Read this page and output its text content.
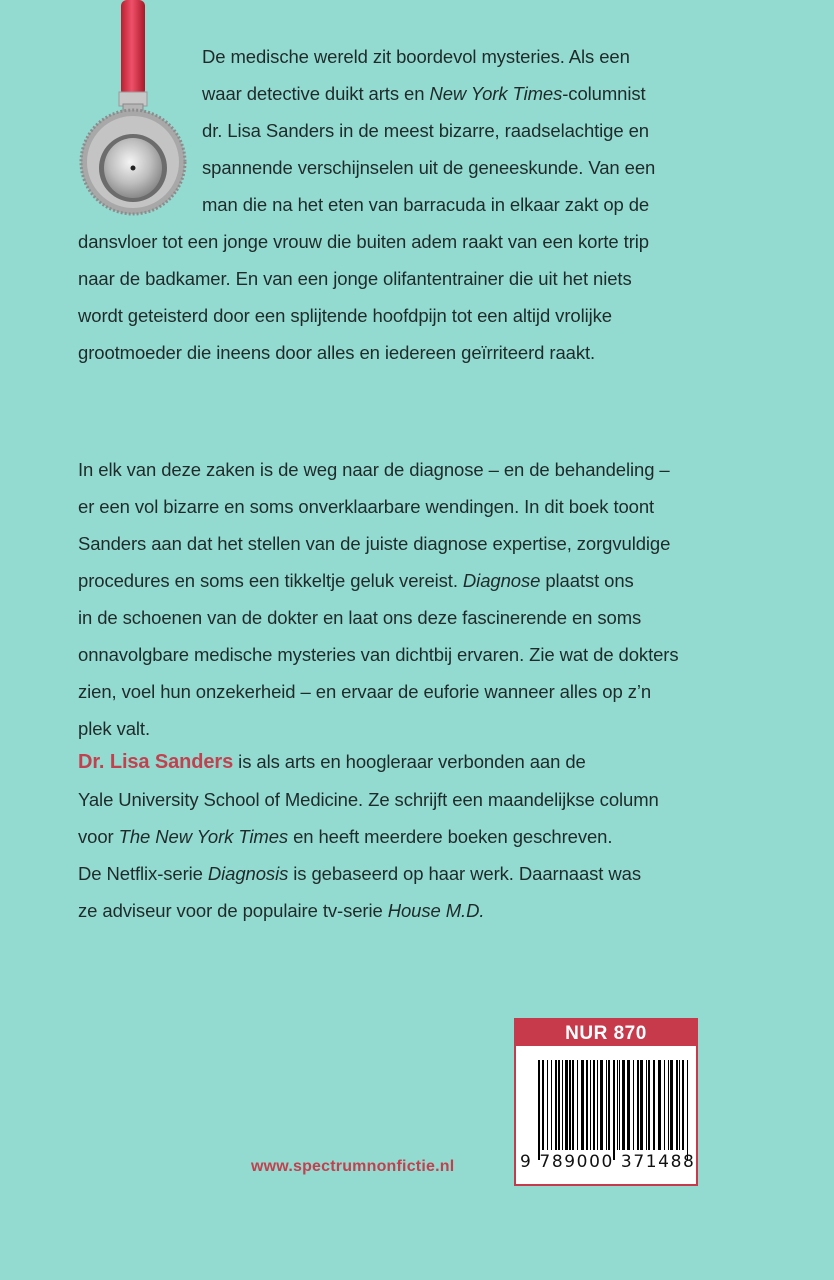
De medische wereld zit boordevol mysteries. Als een
waar detective duikt arts en New York Times-columnist
dr. Lisa Sanders in de meest bizarre, raadselachtige en
spannende verschijnselen uit de geneeskunde. Van een
man die na het eten van barracuda in elkaar zakt op de
dansvloer tot een jonge vrouw die buiten adem raakt van een korte trip
naar de badkamer. En van een jonge olifantentrainer die uit het niets
wordt geteisterd door een splijtende hoofdpijn tot een altijd vrolijke
grootmoeder die ineens door alles en iedereen geïrriteerd raakt.
In elk van deze zaken is de weg naar de diagnose – en de behandeling –
er een vol bizarre en soms onverklaarbare wendingen. In dit boek toont
Sanders aan dat het stellen van de juiste diagnose expertise, zorgvuldige
procedures en soms een tikkeltje geluk vereist. Diagnose plaatst ons
in de schoenen van de dokter en laat ons deze fascinerende en soms
onnavolgbare medische mysteries van dichtbij ervaren. Zie wat de dokters
zien, voel hun onzekerheid – en ervaar de euforie wanneer alles op z’n
plek valt.
Dr. Lisa Sanders is als arts en hoogleraar verbonden aan de
Yale University School of Medicine. Ze schrijft een maandelijkse column
voor The New York Times en heeft meerdere boeken geschreven.
De Netflix-serie Diagnosis is gebaseerd op haar werk. Daarnaast was
ze adviseur voor de populaire tv-serie House M.D.
NUR 870
9 789000 371488
www.spectrumnonfictie.nl
